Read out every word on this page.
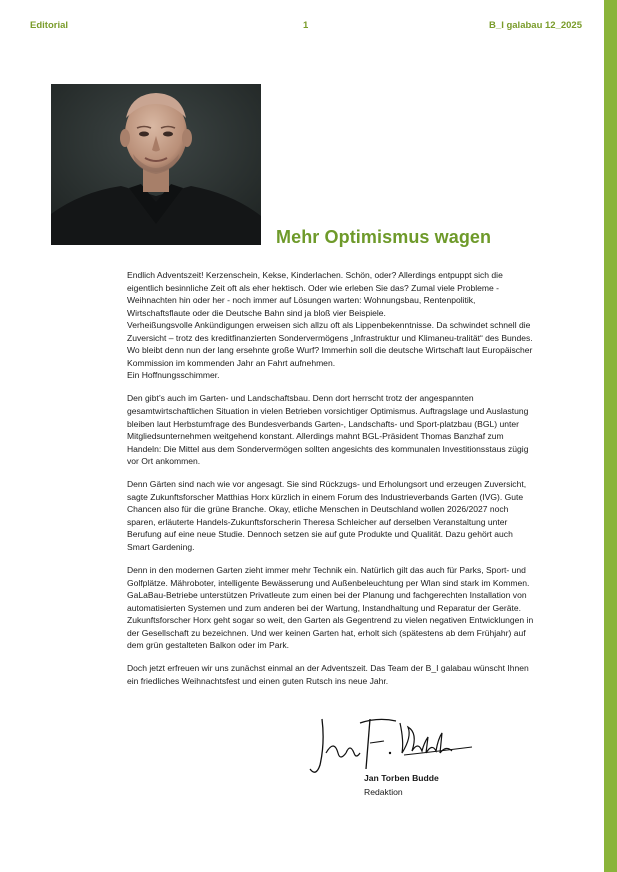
Editorial	1	B_I galabau 12_2025
Mehr Optimismus wagen

Endlich Adventszeit! Kerzenschein, Kekse, Kinderlachen. Schön, oder? Allerdings entpuppt sich die eigentlich besinnliche Zeit oft als eher hektisch. Oder wie erleben Sie das? Zumal viele Probleme - Weihnachten hin oder her - noch immer auf Lösungen warten: Wohnungsbau, Rentenpolitik, Wirtschaftsflaute oder die Deutsche Bahn sind ja bloß vier Beispiele.
Verheißungsvolle Ankündigungen erweisen sich allzu oft als Lippenbekenntnisse. Da schwindet schnell die Zuversicht – trotz des kreditfinanzierten Sondervermögens „Infrastruktur und Klimaneu-tralität“ des Bundes. Wo bleibt denn nun der lang ersehnte große Wurf? Immerhin soll die deutsche Wirtschaft laut Europäischer Kommission im kommenden Jahr an Fahrt aufnehmen.
Ein Hoffnungsschimmer.

Den gibt’s auch im Garten- und Landschaftsbau. Denn dort herrscht trotz der angespannten gesamtwirtschaftlichen Situation in vielen Betrieben vorsichtiger Optimismus. Auftragslage und Auslastung bleiben laut Herbstumfrage des Bundesverbands Garten-, Landschafts- und Sport-platzbau (BGL) unter Mitgliedsunternehmen weitgehend konstant. Allerdings mahnt BGL-Präsident Thomas Banzhaf zum Handeln: Die Mittel aus dem Sondervermögen sollten angesichts des kommunalen Investitionsstaus zügig vor Ort ankommen.

Denn Gärten sind nach wie vor angesagt. Sie sind Rückzugs- und Erholungsort und erzeugen Zuversicht, sagte Zukunftsforscher Matthias Horx kürzlich in einem Forum des Industrieverbands Garten (IVG). Gute Chancen also für die grüne Branche. Okay, etliche Menschen in Deutschland wollen 2026/2027 noch sparen, erläuterte Handels-Zukunftsforscherin Theresa Schleicher auf derselben Veranstaltung unter Berufung auf eine neue Studie. Dennoch setzen sie auf gute Produkte und Qualität. Dazu gehört auch Smart Gardening.

Denn in den modernen Garten zieht immer mehr Technik ein. Natürlich gilt das auch für Parks, Sport- und Golfplätze. Mähroboter, intelligente Bewässerung und Außenbeleuchtung per Wlan sind stark im Kommen. GaLaBau-Betriebe unterstützen Privatleute zum einen bei der Planung und fachgerechten Installation von automatisierten Systemen und zum anderen bei der Wartung, Instandhaltung und Reparatur der Geräte. Zukunftsforscher Horx geht sogar so weit, den Garten als Gegentrend zu vielen negativen Entwicklungen in der Gesellschaft zu bezeichnen. Und wer keinen Garten hat, erholt sich (spätestens ab dem Frühjahr) auf dem grün gestalteten Balkon oder im Park.

Doch jetzt erfreuen wir uns zunächst einmal an der Adventszeit. Das Team der B_I galabau wünscht Ihnen ein friedliches Weihnachtsfest und einen guten Rutsch ins neue Jahr.

Jan Torben Budde
Redaktion
